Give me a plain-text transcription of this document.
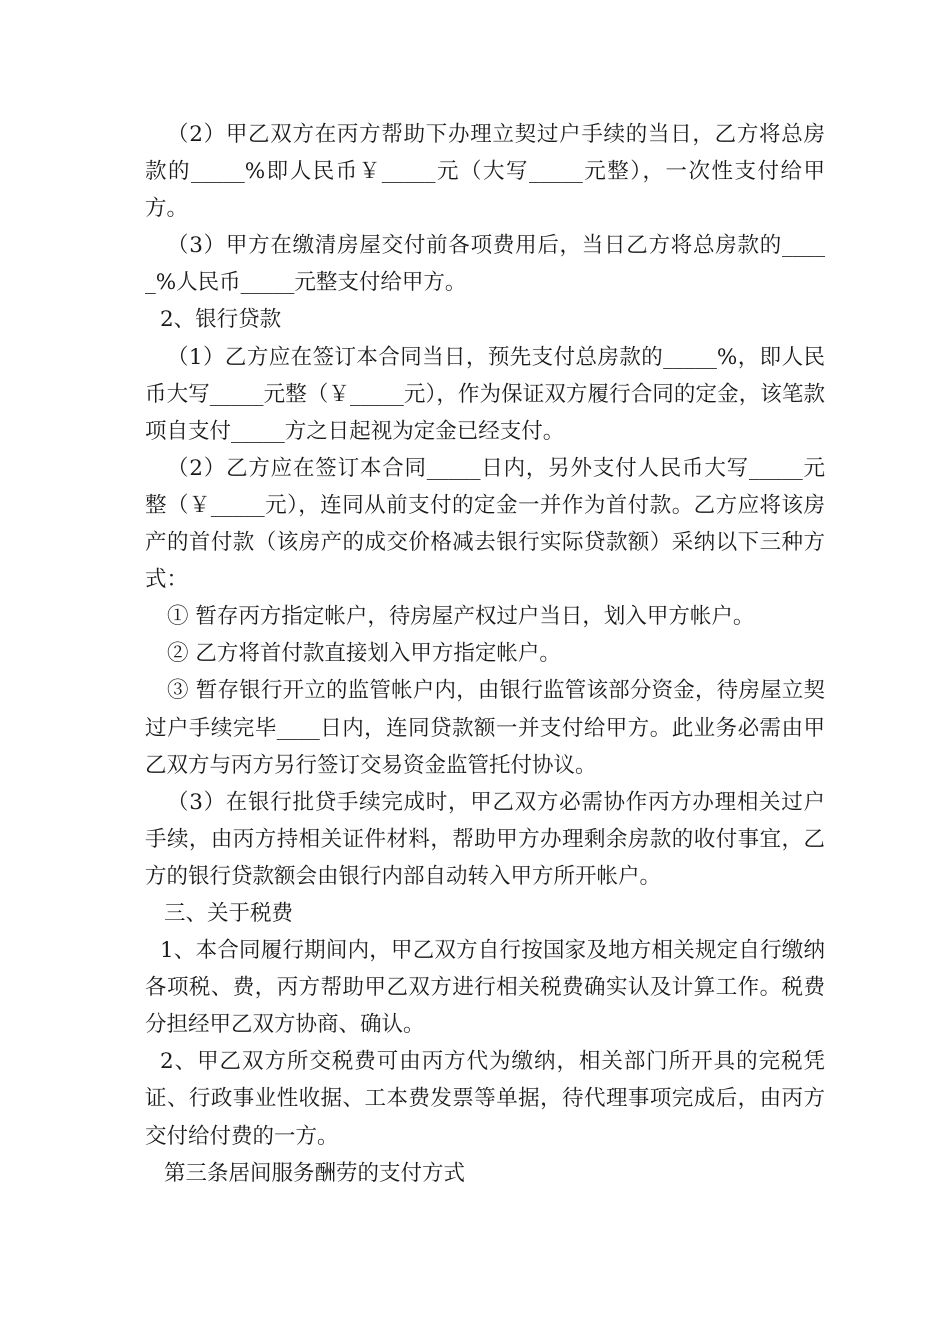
（2）甲乙双方在丙方帮助下办理立契过户手续的当日，乙方将总房款的_____%即人民币￥_____元（大写_____元整），一次性支付给甲方。

（3）甲方在缴清房屋交付前各项费用后，当日乙方将总房款的_____%人民币_____元整支付给甲方。

2、银行贷款

（1）乙方应在签订本合同当日，预先支付总房款的_____%，即人民币大写_____元整（￥_____元），作为保证双方履行合同的定金，该笔款项自支付_____方之日起视为定金已经支付。

（2）乙方应在签订本合同_____日内，另外支付人民币大写_____元整（￥_____元），连同从前支付的定金一并作为首付款。乙方应将该房产的首付款（该房产的成交价格减去银行实际贷款额）采纳以下三种方式：

① 暂存丙方指定帐户，待房屋产权过户当日，划入甲方帐户。

② 乙方将首付款直接划入甲方指定帐户。

③ 暂存银行开立的监管帐户内，由银行监管该部分资金，待房屋立契过户手续完毕____日内，连同贷款额一并支付给甲方。此业务必需由甲乙双方与丙方另行签订交易资金监管托付协议。

（3）在银行批贷手续完成时，甲乙双方必需协作丙方办理相关过户手续，由丙方持相关证件材料，帮助甲方办理剩余房款的收付事宜，乙方的银行贷款额会由银行内部自动转入甲方所开帐户。

三、关于税费

1、本合同履行期间内，甲乙双方自行按国家及地方相关规定自行缴纳各项税、费，丙方帮助甲乙双方进行相关税费确实认及计算工作。税费分担经甲乙双方协商、确认。

2、甲乙双方所交税费可由丙方代为缴纳，相关部门所开具的完税凭证、行政事业性收据、工本费发票等单据，待代理事项完成后，由丙方交付给付费的一方。

第三条居间服务酬劳的支付方式
